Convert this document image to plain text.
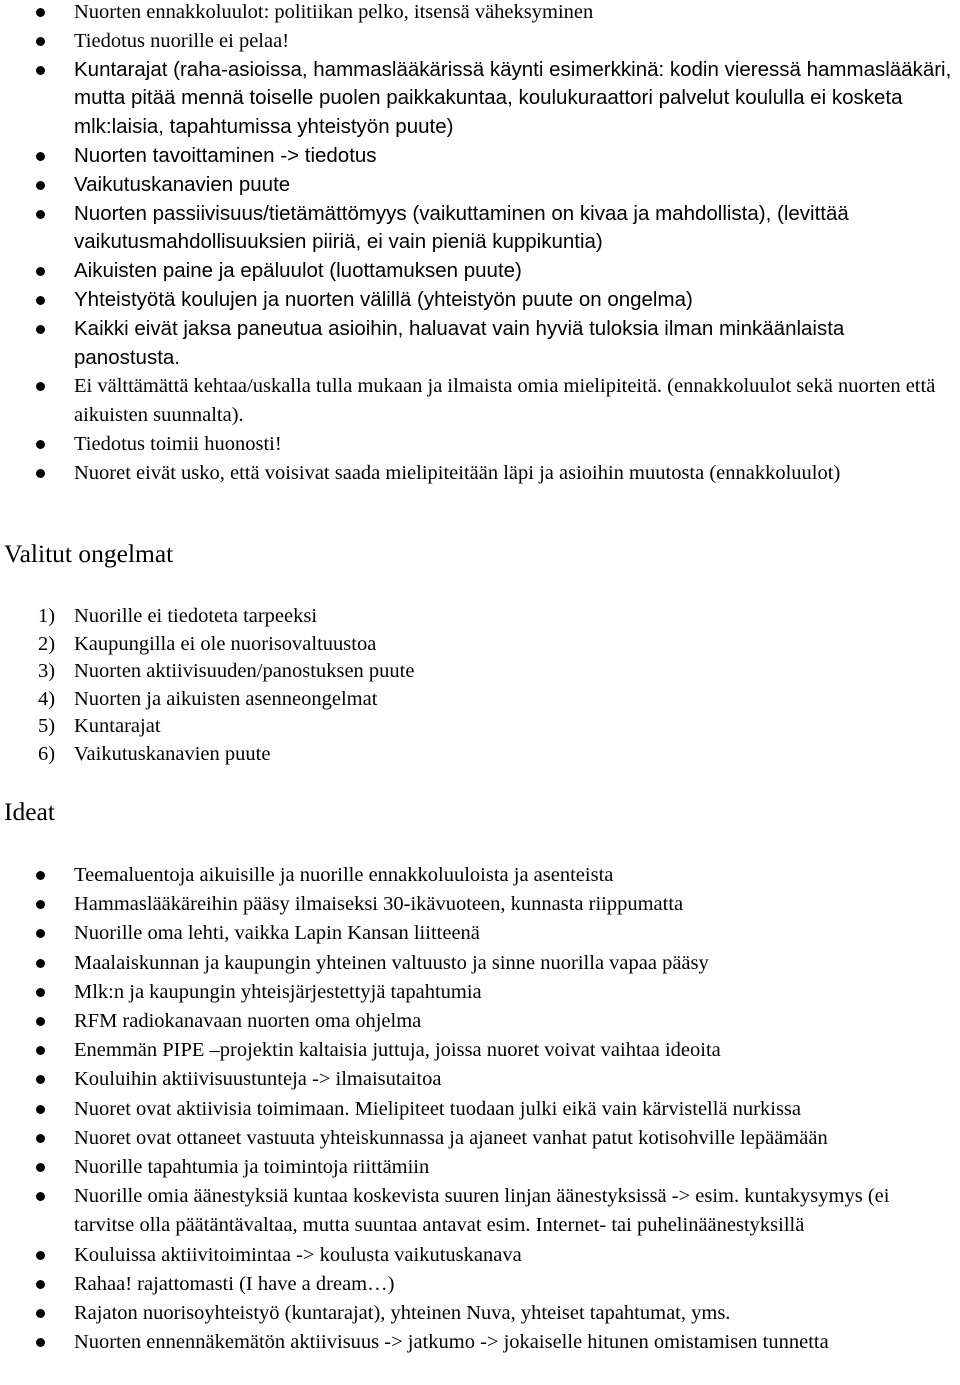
Nuorten ennakkoluulot: politiikan pelko, itsensä väheksyminen
Tiedotus nuorille ei pelaa!
Kuntarajat (raha-asioissa, hammaslääkärissä käynti esimerkkinä: kodin vieressä hammaslääkäri, mutta pitää mennä toiselle puolen paikkakuntaa, koulukuraattori palvelut koululla ei kosketa mlk:laisia, tapahtumissa yhteistyön puute)
Nuorten tavoittaminen -> tiedotus
Vaikutuskanavien puute
Nuorten passiivisuus/tietämättömyys (vaikuttaminen on kivaa ja mahdollista), (levittää vaikutusmahdollisuuksien piiriä, ei vain pieniä kuppikuntia)
Aikuisten paine ja epäluulot (luottamuksen puute)
Yhteistyötä koulujen ja nuorten välillä (yhteistyön puute on ongelma)
Kaikki eivät jaksa paneutua asioihin, haluavat vain hyviä tuloksia ilman minkäänlaista panostusta.
Ei välttämättä kehtaa/uskalla tulla mukaan ja ilmaista omia mielipiteitä. (ennakkoluulot sekä nuorten että aikuisten suunnalta).
Tiedotus toimii huonosti!
Nuoret eivät usko, että voisivat saada mielipiteitään läpi ja asioihin muutosta (ennakkoluulot)
Valitut ongelmat
1) Nuorille ei tiedoteta tarpeeksi
2) Kaupungilla ei ole nuorisovaltuustoa
3) Nuorten aktiivisuuden/panostuksen puute
4) Nuorten ja aikuisten asenneongelmat
5) Kuntarajat
6) Vaikutuskanavien puute
Ideat
Teemaluentoja aikuisille ja nuorille ennakkoluuloista ja asenteista
Hammaslääkäreihin pääsy ilmaiseksi 30-ikävuoteen, kunnasta riippumatta
Nuorille oma lehti, vaikka Lapin Kansan liitteenä
Maalaiskunnan ja kaupungin yhteinen valtuusto ja sinne nuorilla vapaa pääsy
Mlk:n ja kaupungin yhteisjärjestettyjä tapahtumia
RFM radiokanavaan nuorten oma ohjelma
Enemmän PIPE –projektin kaltaisia juttuja, joissa nuoret voivat vaihtaa ideoita
Kouluihin aktiivisuustunteja -> ilmaisutaitoa
Nuoret ovat aktiivisia toimimaan. Mielipiteet tuodaan julki eikä vain kärvistellä nurkissa
Nuoret ovat ottaneet vastuuta yhteiskunnassa ja ajaneet vanhat patut kotisohville lepäämään
Nuorille tapahtumia ja toimintoja riittämiin
Nuorille omia äänestyksiä kuntaa koskevista suuren linjan äänestyksissä -> esim. kuntakysymys (ei tarvitse olla päätäntävaltaa, mutta suuntaa antavat esim. Internet- tai puhelinäänestyksillä
Kouluissa aktiivitoimintaa -> koulusta vaikutuskanava
Rahaa! rajattomasti (I have a dream…)
Rajaton nuorisoyhteistyö (kuntarajat), yhteinen Nuva, yhteiset tapahtumat, yms.
Nuorten ennennäkemätön aktiivisuus -> jatkumo -> jokaiselle hitunen omistamisen tunnetta
